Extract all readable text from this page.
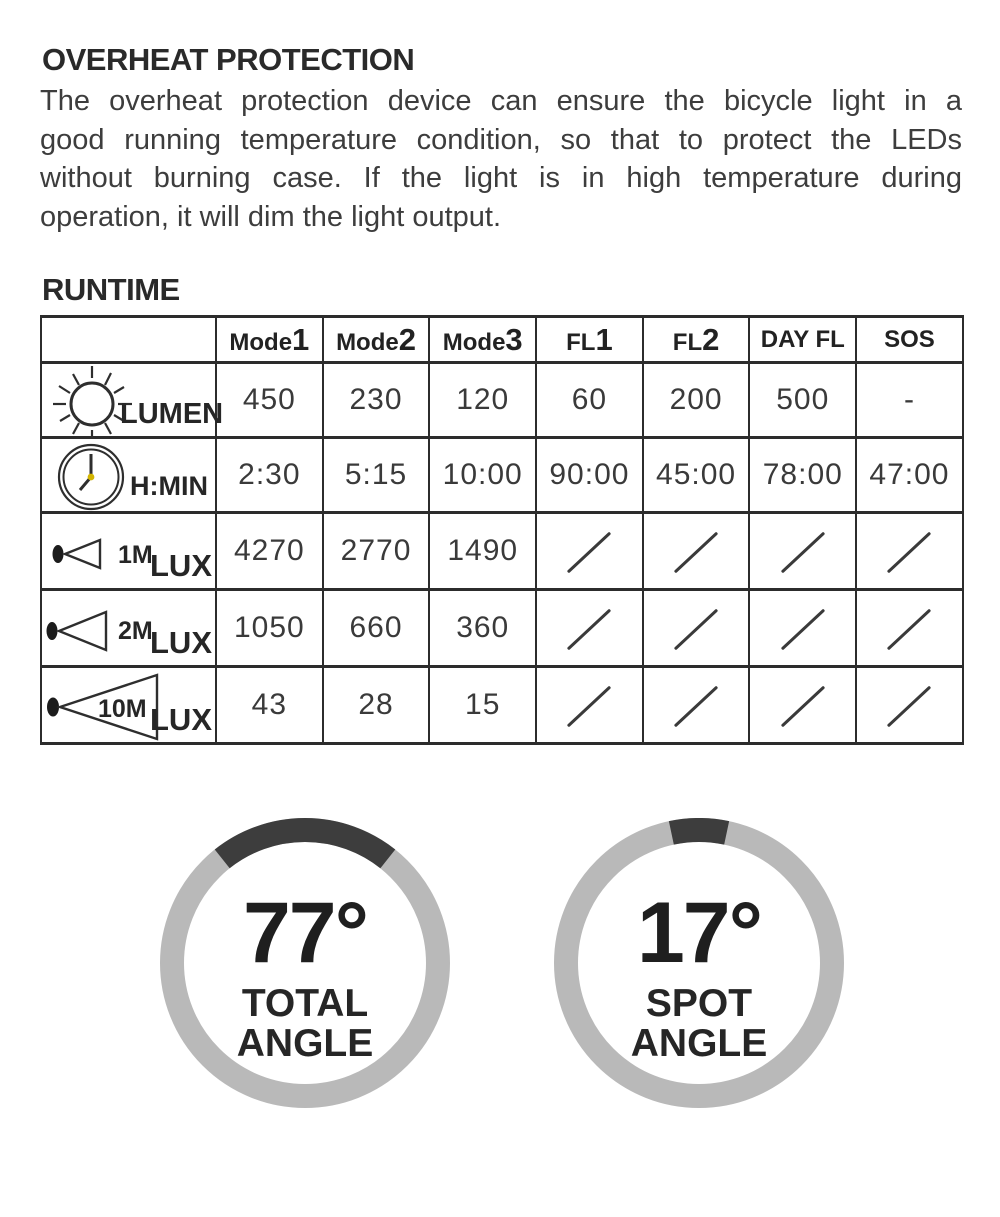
OVERHEAT PROTECTION
The overheat protection device can ensure the bicycle light in a
good running temperature condition, so that to protect the LEDs
without burning case. If the light is in high temperature during
operation, it will dim the light output.
RUNTIME
	Mode1	Mode2	Mode3	FL1	FL2	DAY FL	SOS

LUMEN	450	230	120	60	200	500	-

H:MIN	2:30	5:15	10:00	90:00	45:00	78:00	47:00

1M
LUX	4270	2770	1490				

2M
LUX	1050	660	360				

10M LUX	43	28	15				
77°
TOTAL
ANGLE
17°
SPOT
ANGLE
